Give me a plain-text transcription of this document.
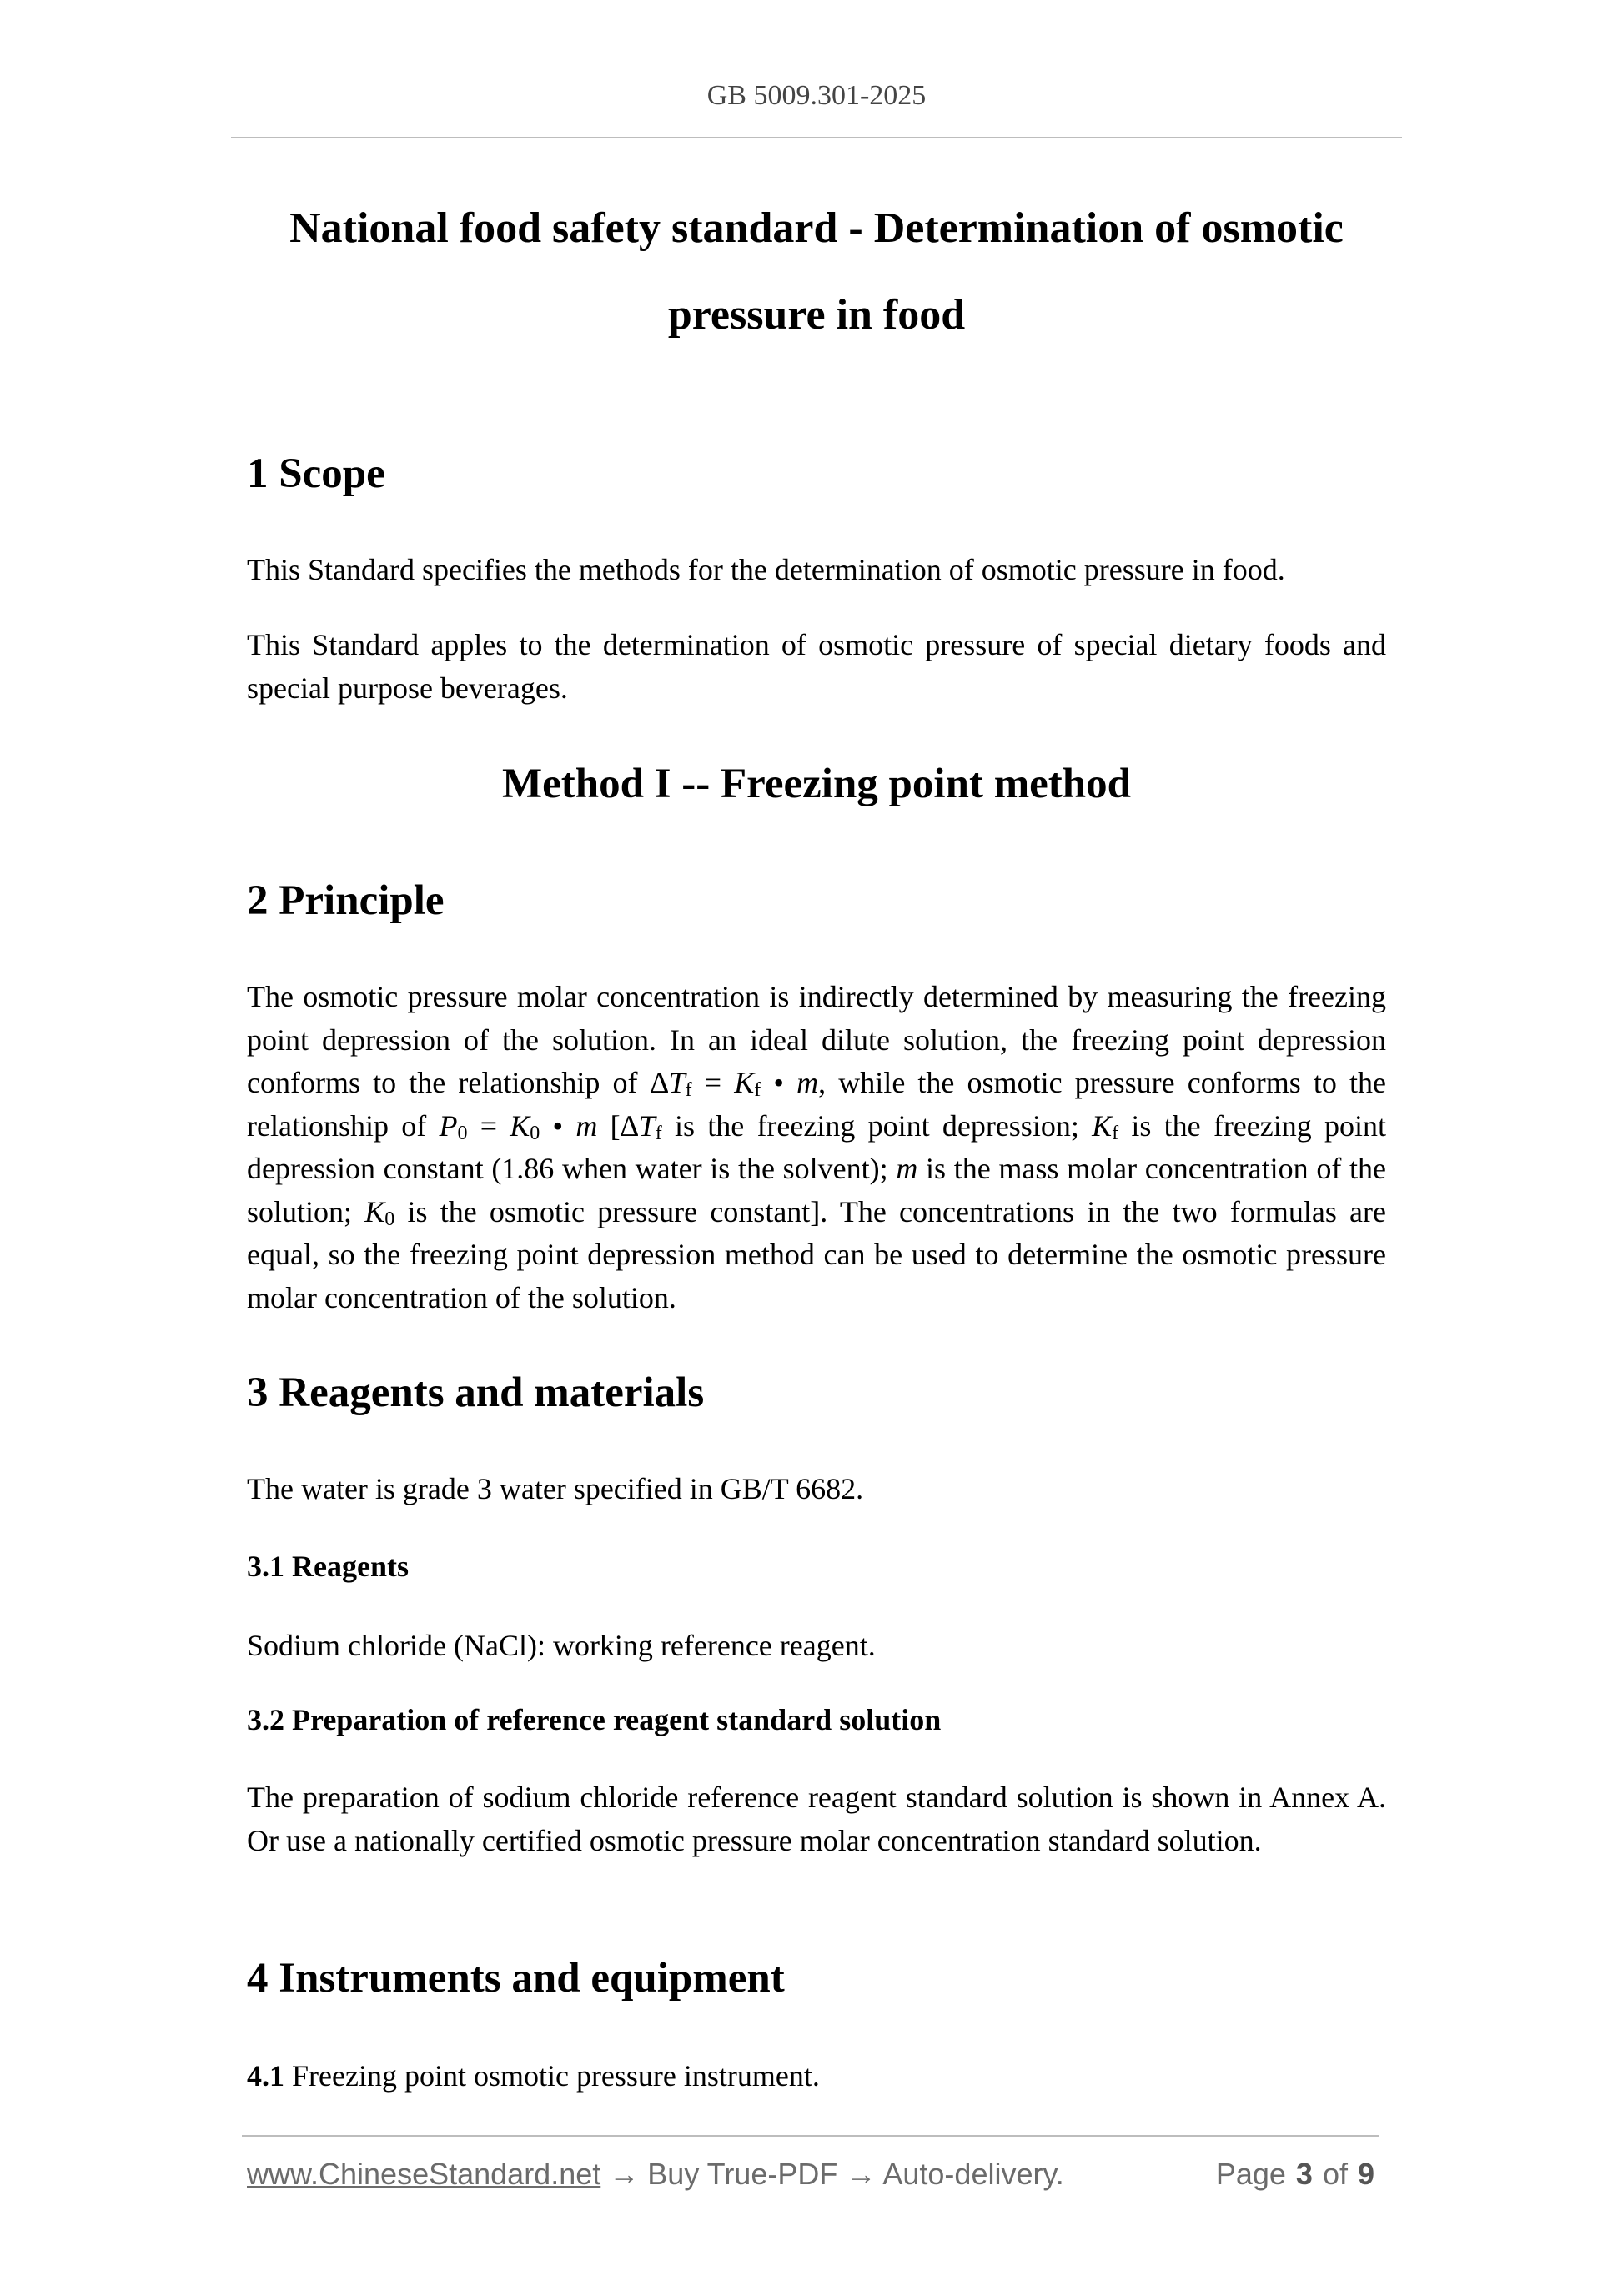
GB 5009.301-2025
National food safety standard - Determination of osmotic
pressure in food
1 Scope

This Standard specifies the methods for the determination of osmotic pressure in food.

This Standard apples to the determination of osmotic pressure of special dietary foods and special purpose beverages.

Method I -- Freezing point method
2 Principle

The osmotic pressure molar concentration is indirectly determined by measuring the freezing point depression of the solution. In an ideal dilute solution, the freezing point depression conforms to the relationship of $\Delta T_f = K_f$ • m, while the osmotic pressure conforms to the relationship of $P_0 = K_0$ • m [$\Delta T_f$ is the freezing point depression; $K_f$ is the freezing point depression constant (1.86 when water is the solvent); m is the mass molar concentration of the solution; $K_0$ is the osmotic pressure constant]. The concentrations in the two formulas are equal, so the freezing point depression method can be used to determine the osmotic pressure molar concentration of the solution.

3 Reagents and materials

The water is grade 3 water specified in GB/T 6682.

3.1 Reagents

Sodium chloride (NaCl): working reference reagent.

3.2 Preparation of reference reagent standard solution

The preparation of sodium chloride reference reagent standard solution is shown in Annex A. Or use a nationally certified osmotic pressure molar concentration standard solution.

4 Instruments and equipment

4.1 Freezing point osmotic pressure instrument.

www.ChineseStandard.net → Buy True-PDF → Auto-delivery.	Page 3 of 9
